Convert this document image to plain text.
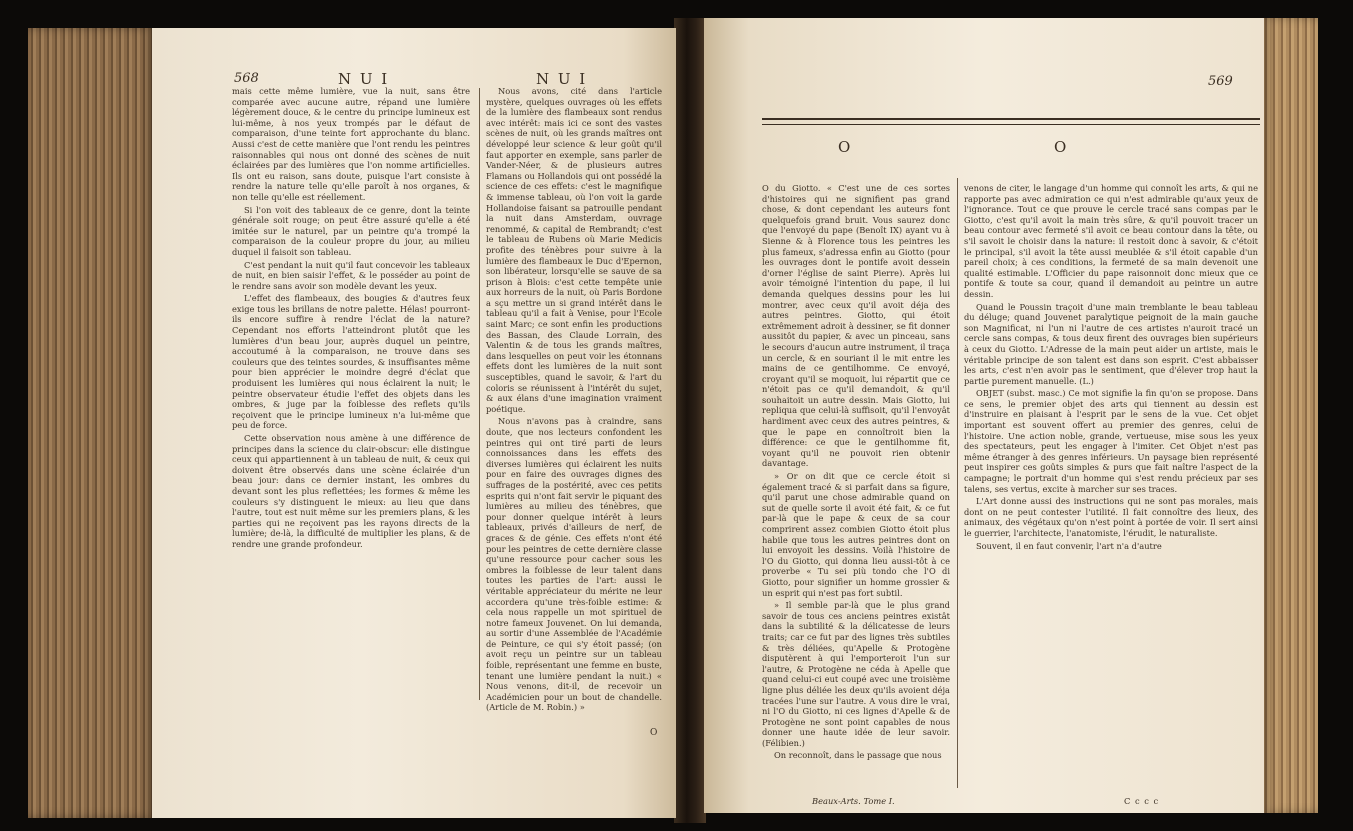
568	N U I	N U I

mais cette même lumière, vue la nuit, sans être comparée avec aucune autre, répand une lumière légèrement douce, & le centre du principe lumineux est lui-même, à nos yeux trompés par le défaut de comparaison, d'une teinte fort approchante du blanc. Aussi c'est de cette manière que l'ont rendu les peintres raisonnables qui nous ont donné des scènes de nuit éclairées par des lumières que l'on nomme artificielles. Ils ont eu raison, sans doute, puisque l'art consiste à rendre la nature telle qu'elle paroît à nos organes, & non telle qu'elle est réellement.

Si l'on voit des tableaux de ce genre, dont la teinte générale soit rouge; on peut être assuré qu'elle a été imitée sur le naturel, par un peintre qu'a trompé la comparaison de la couleur propre du jour, au milieu duquel il faisoit son tableau.

C'est pendant la nuit qu'il faut concevoir les tableaux de nuit, en bien saisir l'effet, & le posséder au point de le rendre sans avoir son modèle devant les yeux.

L'effet des flambeaux, des bougies & d'autres feux exige tous les brillans de notre palette. Hélas! pourront-ils encore suffire à rendre l'éclat de la nature? Cependant nos efforts l'atteindront plutôt que les lumières d'un beau jour, auprès duquel un peintre, accoutumé à la comparaison, ne trouve dans ses couleurs que des teintes sourdes, & insuffisantes même pour bien apprécier le moindre degré d'éclat que produisent les lumières qui nous éclairent la nuit; le peintre observateur étudie l'effet des objets dans les ombres, & juge par la foiblesse des reflets qu'ils reçoivent que le principe lumineux n'a lui-même que peu de force.

Cette observation nous amène à une différence de principes dans la science du clair-obscur: elle distingue ceux qui appartiennent à un tableau de nuit, & ceux qui doivent être observés dans une scène éclairée d'un beau jour: dans ce dernier instant, les ombres du devant sont les plus reflettées; les formes & même les couleurs s'y distinguent le mieux: au lieu que dans l'autre, tout est nuit même sur les premiers plans, & les parties qui ne reçoivent pas les rayons directs de la lumière; de-là, la difficulté de multiplier les plans, & de rendre une grande profondeur.

Nous avons, cité dans l'article mystère, quelques ouvrages où les effets de la lumière des flambeaux sont rendus avec intérêt: mais ici ce sont des vastes scènes de nuit, où les grands maîtres ont développé leur science & leur goût qu'il faut apporter en exemple, sans parler de Vander-Néer, & de plusieurs autres Flamans ou Hollandois qui ont possédé la science de ces effets: c'est le magnifique & immense tableau, où l'on voit la garde Hollandoise faisant sa patrouille pendant la nuit dans Amsterdam, ouvrage renommé, & capital de Rembrandt; c'est le tableau de Rubens où Marie Medicis profite des ténèbres pour suivre à la lumière des flambeaux le Duc d'Epernon, son libérateur, lorsqu'elle se sauve de sa prison à Blois: c'est cette tempête unie aux horreurs de la nuit, où Paris Bordone a sçu mettre un si grand intérêt dans le tableau qu'il a fait à Venise, pour l'Ecole saint Marc; ce sont enfin les productions des Bassan, des Claude Lorrain, des Valentin & de tous les grands maîtres, dans lesquelles on peut voir les étonnans effets dont les lumières de la nuit sont susceptibles, quand le savoir, & l'art du coloris se réunissent à l'intérêt du sujet, & aux élans d'une imagination vraiment poétique.

Nous n'avons pas à craindre, sans doute, que nos lecteurs confondent les peintres qui ont tiré parti de leurs connoissances dans les effets des diverses lumières qui éclairent les nuits pour en faire des ouvrages dignes des suffrages de la postérité, avec ces petits esprits qui n'ont fait servir le piquant des lumières au milieu des ténèbres, que pour donner quelque intérêt à leurs tableaux, privés d'ailleurs de nerf, de graces & de génie. Ces effets n'ont été pour les peintres de cette dernière classe qu'une ressource pour cacher sous les ombres la foiblesse de leur talent dans toutes les parties de l'art: aussi le véritable appréciateur du mérite ne leur accordera qu'une très-foible estime: & cela nous rappelle un mot spirituel de notre fameux Jouvenet. On lui demanda, au sortir d'une Assemblée de l'Académie de Peinture, ce qui s'y étoit passé; (on avoit reçu un peintre sur un tableau foible, représentant une femme en buste, tenant une lumière pendant la nuit.) « Nous venons, dit-il, de recevoir un Académicien pour un bout de chandelle. (Article de M. Robin.) »

O
569
O	O

O du Giotto. « C'est une de ces sortes d'histoires qui ne signifient pas grand chose, & dont cependant les auteurs font quelquefois grand bruit. Vous saurez donc que l'envoyé du pape (Benoît IX) ayant vu à Sienne & à Florence tous les peintres les plus fameux, s'adressa enfin au Giotto (pour les ouvrages dont le pontife avoit dessein d'orner l'église de saint Pierre). Après lui avoir témoigné l'intention du pape, il lui demanda quelques dessins pour les lui montrer, avec ceux qu'il avoit déja des autres peintres. Giotto, qui étoit extrêmement adroit à dessiner, se fit donner aussitôt du papier, & avec un pinceau, sans le secours d'aucun autre instrument, il traça un cercle, & en souriant il le mit entre les mains de ce gentilhomme. Ce envoyé, croyant qu'il se moquoit, lui répartit que ce n'étoit pas ce qu'il demandoit, & qu'il souhaitoit un autre dessin. Mais Giotto, lui repliqua que celui-là suffisoit, qu'il l'envoyât hardiment avec ceux des autres peintres, & que le pape en connoîtroit bien la différence: ce que le gentilhomme fit, voyant qu'il ne pouvoit rien obtenir davantage.

» Or on dit que ce cercle étoit si également tracé & si parfait dans sa figure, qu'il parut une chose admirable quand on sut de quelle sorte il avoit été fait, & ce fut par-là que le pape & ceux de sa cour comprirent assez combien Giotto étoit plus habile que tous les autres peintres dont on lui envoyoit les dessins. Voilà l'histoire de l'O du Giotto, qui donna lieu aussi-tôt à ce proverbe « Tu sei più tondo che l'O di Giotto, pour signifier un homme grossier & un esprit qui n'est pas fort subtil.

» Il semble par-là que le plus grand savoir de tous ces anciens peintres existât dans la subtilité & la délicatesse de leurs traits; car ce fut par des lignes très subtiles & très déliées, qu'Apelle & Protogène disputèrent à qui l'emporteroit l'un sur l'autre, & Protogène ne céda à Apelle que quand celui-ci eut coupé avec une troisième ligne plus déliée les deux qu'ils avoient déja tracées l'une sur l'autre. A vous dire le vrai, ni l'O du Giotto, ni ces lignes d'Apelle & de Protogène ne sont point capables de nous donner une haute idée de leur savoir. (Félibien.)

On reconnoît, dans le passage que nous

venons de citer, le langage d'un homme qui connoît les arts, & qui ne rapporte pas avec admiration ce qui n'est admirable qu'aux yeux de l'ignorance. Tout ce que prouve le cercle tracé sans compas par le Giotto, c'est qu'il avoit la main très sûre, & qu'il pouvoit tracer un beau contour avec fermeté s'il avoit ce beau contour dans la tête, ou s'il savoit le choisir dans la nature: il restoit donc à savoir, & c'étoit le principal, s'il avoit la tête aussi meublée & s'il étoit capable d'un pareil choix; à ces conditions, la fermeté de sa main devenoit une qualité estimable. L'Officier du pape raisonnoit donc mieux que ce pontife & toute sa cour, quand il demandoit au peintre un autre dessin.

Quand le Poussin traçoit d'une main tremblante le beau tableau du déluge; quand Jouvenet paralytique peignoit de la main gauche son Magnificat, ni l'un ni l'autre de ces artistes n'auroit tracé un cercle sans compas, & tous deux firent des ouvrages bien supérieurs à ceux du Giotto. L'Adresse de la main peut aider un artiste, mais le véritable principe de son talent est dans son esprit. C'est abbaisser les arts, c'est n'en avoir pas le sentiment, que d'élever trop haut la partie purement manuelle. (L.)

OBJET (subst. masc.) Ce mot signifie la fin qu'on se propose. Dans ce sens, le premier objet des arts qui tiennent au dessin est d'instruire en plaisant à l'esprit par le sens de la vue. Cet objet important est souvent offert au premier des genres, celui de l'histoire. Une action noble, grande, vertueuse, mise sous les yeux des spectateurs, peut les engager à l'imiter. Cet Objet n'est pas même étranger à des genres inférieurs. Un paysage bien représenté peut inspirer ces goûts simples & purs que fait naître l'aspect de la campagne; le portrait d'un homme qui s'est rendu précieux par ses talens, ses vertus, excite à marcher sur ses traces.

L'Art donne aussi des instructions qui ne sont pas morales, mais dont on ne peut contester l'utilité. Il fait connoître des lieux, des animaux, des végétaux qu'on n'est point à portée de voir. Il sert ainsi le guerrier, l'architecte, l'anatomiste, l'érudit, le naturaliste.

Souvent, il en faut convenir, l'art n'a d'autre

Beaux-Arts. Tome I.	C c c c
